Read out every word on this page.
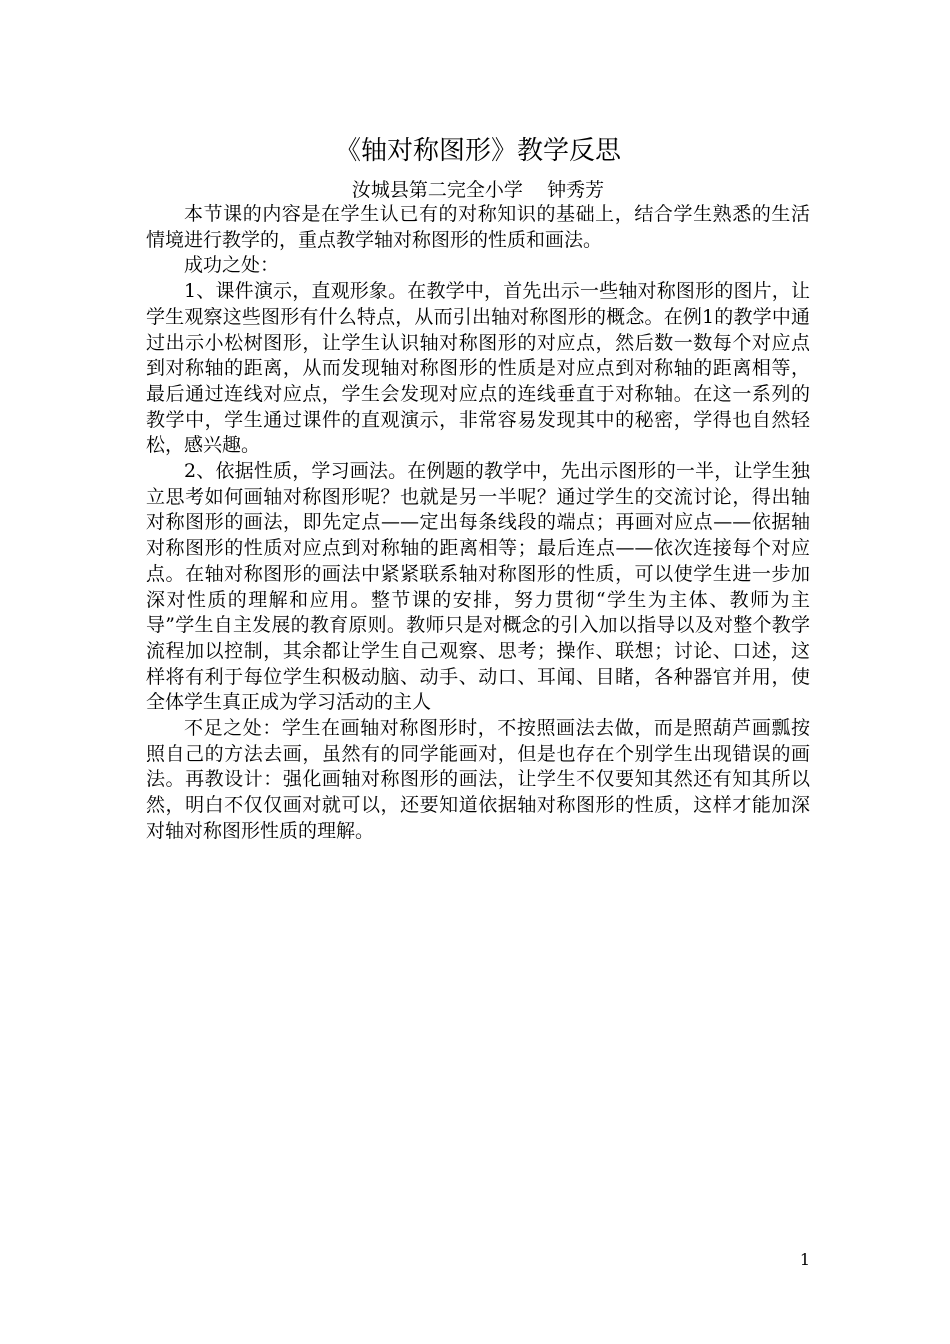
《轴对称图形》教学反思
汝城县第二完全小学    钟秀芳

本节课的内容是在学生认已有的对称知识的基础上，结合学生熟悉的生活情境进行教学的，重点教学轴对称图形的性质和画法。

成功之处：

1、课件演示，直观形象。在教学中，首先出示一些轴对称图形的图片，让学生观察这些图形有什么特点，从而引出轴对称图形的概念。在例1的教学中通过出示小松树图形，让学生认识轴对称图形的对应点，然后数一数每个对应点到对称轴的距离，从而发现轴对称图形的性质是对应点到对称轴的距离相等，最后通过连线对应点，学生会发现对应点的连线垂直于对称轴。在这一系列的教学中，学生通过课件的直观演示，非常容易发现其中的秘密，学得也自然轻松，感兴趣。

2、依据性质，学习画法。在例题的教学中，先出示图形的一半，让学生独立思考如何画轴对称图形呢？也就是另一半呢？通过学生的交流讨论，得出轴对称图形的画法，即先定点——定出每条线段的端点；再画对应点——依据轴对称图形的性质对应点到对称轴的距离相等；最后连点——依次连接每个对应点。在轴对称图形的画法中紧紧联系轴对称图形的性质，可以使学生进一步加深对性质的理解和应用。整节课的安排，努力贯彻“学生为主体、教师为主导”学生自主发展的教育原则。教师只是对概念的引入加以指导以及对整个教学流程加以控制，其余都让学生自己观察、思考；操作、联想；讨论、口述，这样将有利于每位学生积极动脑、动手、动口、耳闻、目睹，各种器官并用，使全体学生真正成为学习活动的主人

不足之处：学生在画轴对称图形时，不按照画法去做，而是照葫芦画瓢按照自己的方法去画，虽然有的同学能画对，但是也存在个别学生出现错误的画法。再教设计：强化画轴对称图形的画法，让学生不仅要知其然还有知其所以然，明白不仅仅画对就可以，还要知道依据轴对称图形的性质，这样才能加深对轴对称图形性质的理解。

1
